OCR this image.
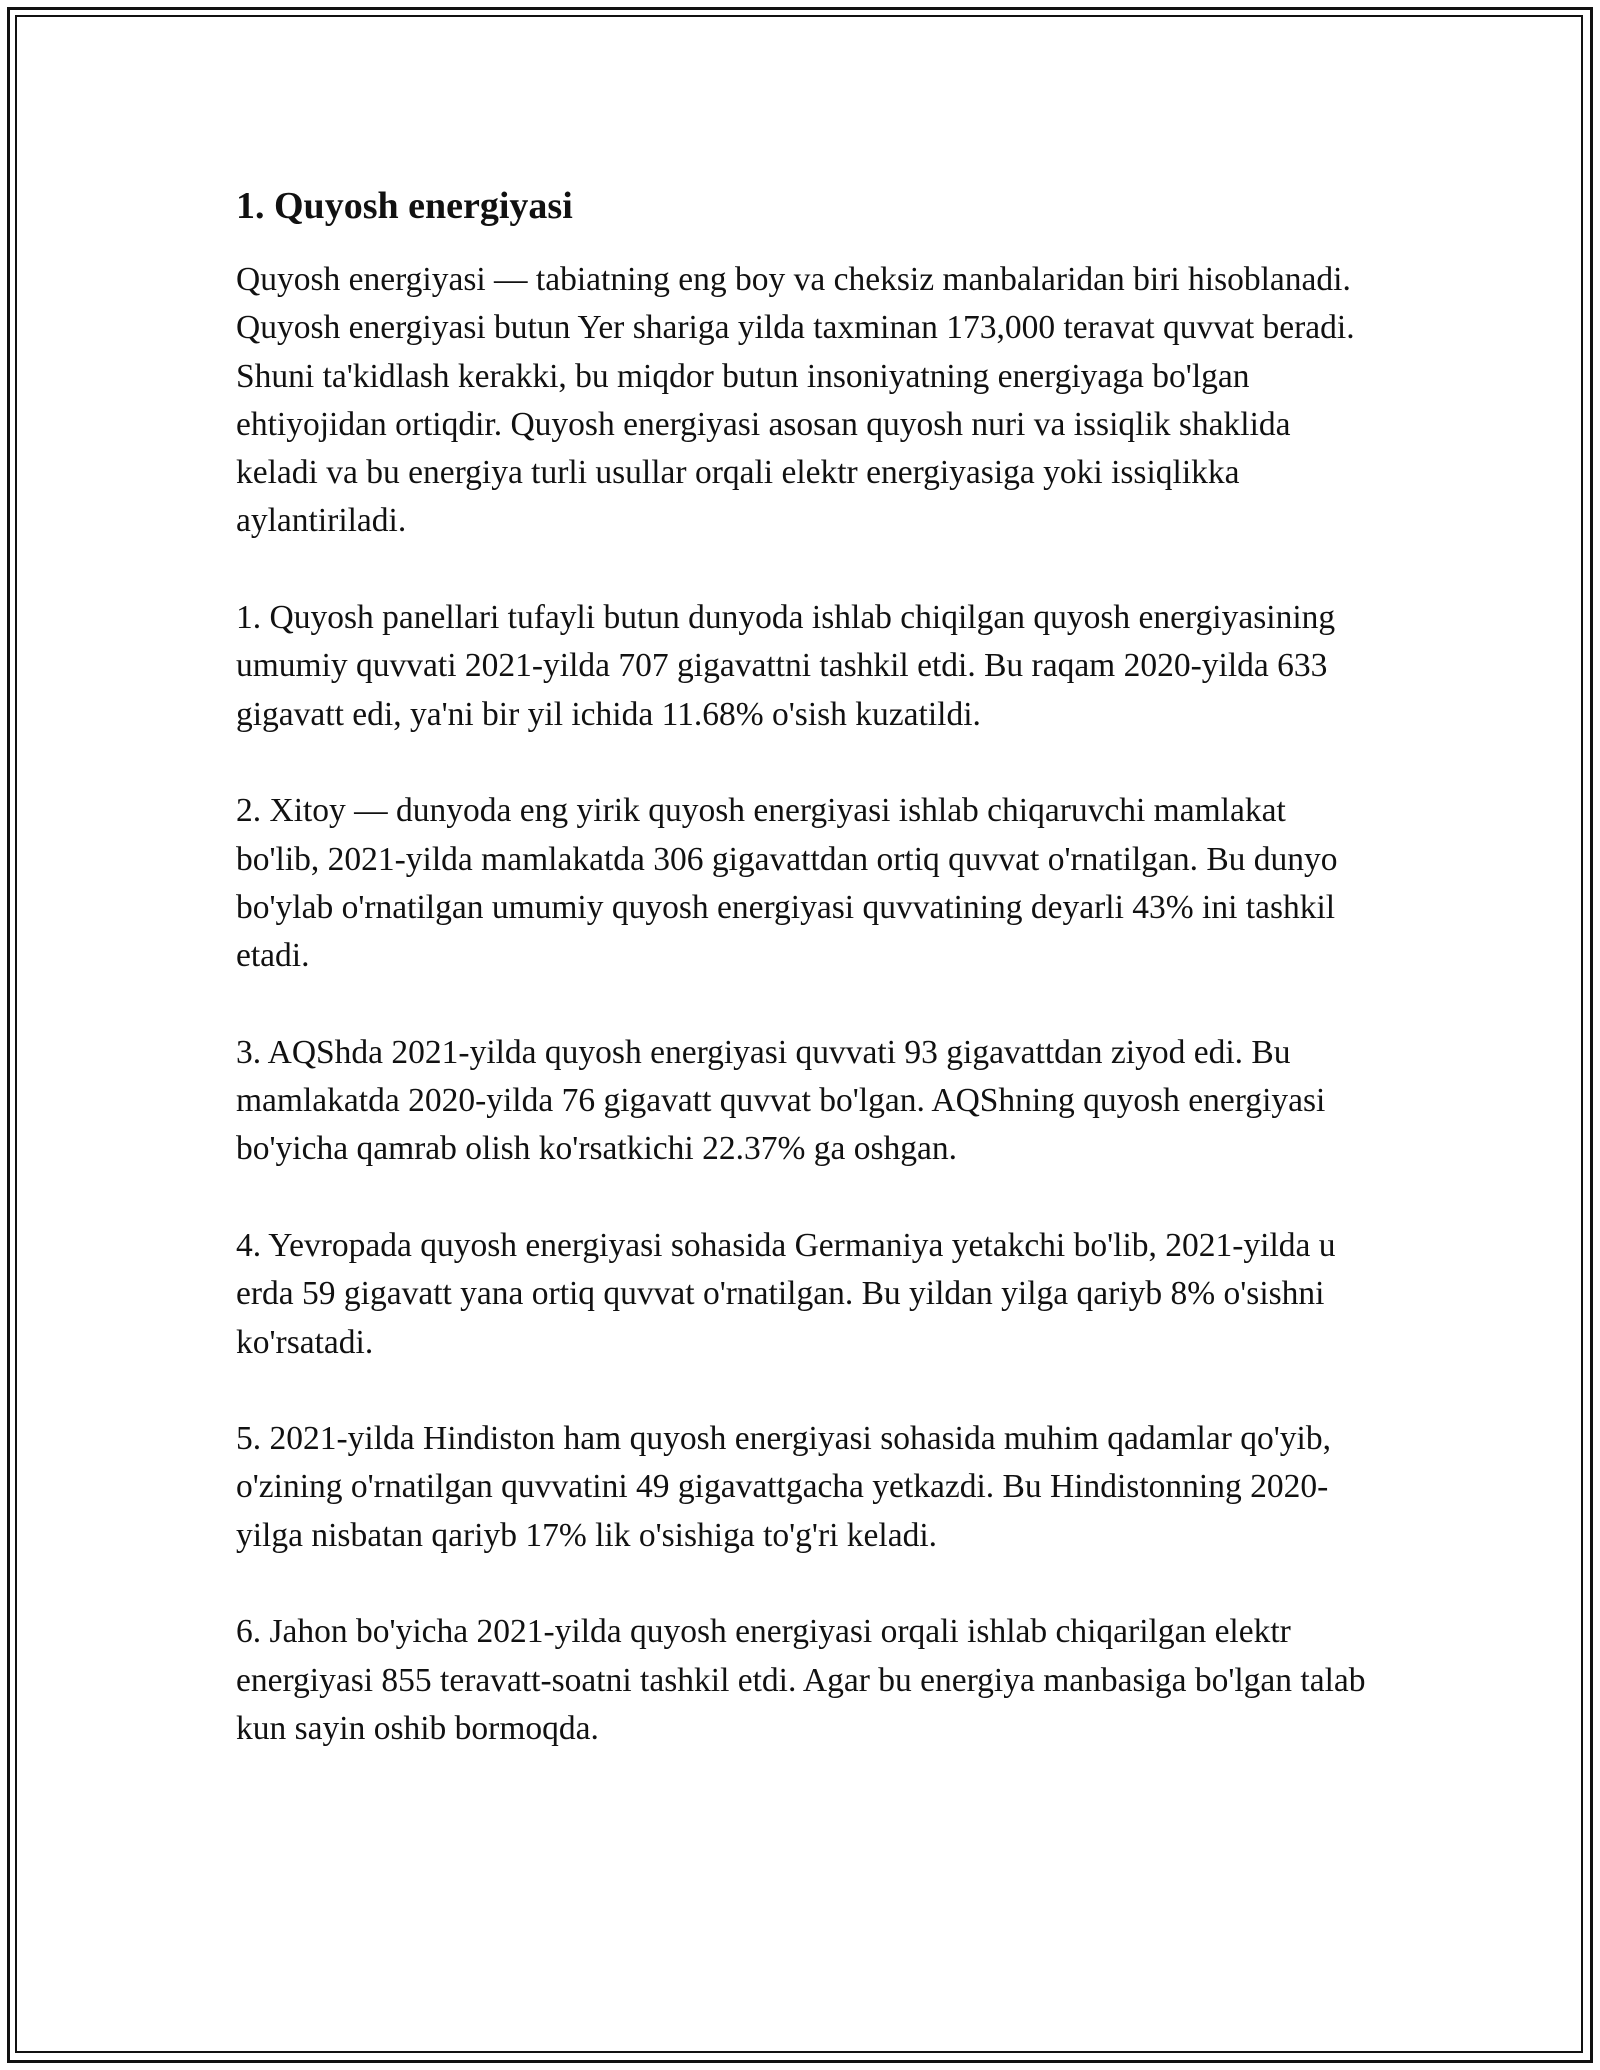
1. Quyosh energiyasi

Quyosh energiyasi — tabiatning eng boy va cheksiz manbalaridan biri hisoblanadi. Quyosh energiyasi butun Yer shariga yilda taxminan 173,000 teravat quvvat beradi. Shuni ta'kidlash kerakki, bu miqdor butun insoniyatning energiyaga bo'lgan ehtiyojidan ortiqdir. Quyosh energiyasi asosan quyosh nuri va issiqlik shaklida keladi va bu energiya turli usullar orqali elektr energiyasiga yoki issiqlikka aylantiriladi.

1. Quyosh panellari tufayli butun dunyoda ishlab chiqilgan quyosh energiyasining umumiy quvvati 2021-yilda 707 gigavattni tashkil etdi. Bu raqam 2020-yilda 633 gigavatt edi, ya'ni bir yil ichida 11.68% o'sish kuzatildi.

2. Xitoy — dunyoda eng yirik quyosh energiyasi ishlab chiqaruvchi mamlakat bo'lib, 2021-yilda mamlakatda 306 gigavattdan ortiq quvvat o'rnatilgan. Bu dunyo bo'ylab o'rnatilgan umumiy quyosh energiyasi quvvatining deyarli 43% ini tashkil etadi.

3. AQShda 2021-yilda quyosh energiyasi quvvati 93 gigavattdan ziyod edi. Bu mamlakatda 2020-yilda 76 gigavatt quvvat bo'lgan. AQShning quyosh energiyasi bo'yicha qamrab olish ko'rsatkichi 22.37% ga oshgan.

4. Yevropada quyosh energiyasi sohasida Germaniya yetakchi bo'lib, 2021-yilda u erda 59 gigavatt yana ortiq quvvat o'rnatilgan. Bu yildan yilga qariyb 8% o'sishni ko'rsatadi.

5. 2021-yilda Hindiston ham quyosh energiyasi sohasida muhim qadamlar qo'yib, o'zining o'rnatilgan quvvatini 49 gigavattgacha yetkazdi. Bu Hindistonning 2020-yilga nisbatan qariyb 17% lik o'sishiga to'g'ri keladi.

6. Jahon bo'yicha 2021-yilda quyosh energiyasi orqali ishlab chiqarilgan elektr energiyasi 855 teravatt-soatni tashkil etdi. Agar bu energiya manbasiga bo'lgan talab kun sayin oshib bormoqda.
